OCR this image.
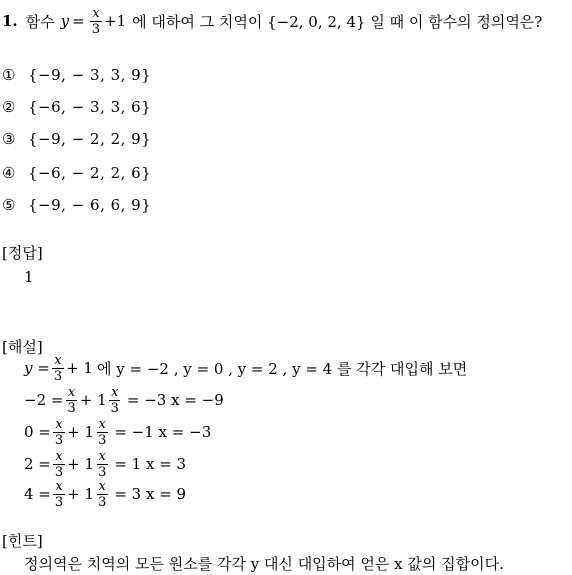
1. 함수 $y = \frac{x}{3} +1$ 에 대하여 그 치역이 {−2, 0, 2, 4} 일 때 이 함수의 정의역은?
① {−9, − 3, 3, 9}
② {−6, − 3, 3, 6}
③ {−9, − 2, 2, 9}
④ {−6, − 2, 2, 6}
⑤ {−9, − 6, 6, 9}
[정답]
1
[해설]
$y = \frac{x}{3} + 1$ 에 y = −2 , y = 0 , y = 2 , y = 4 를 각각 대입해 보면
$-2 = \frac{x}{3} + 1 \frac{x}{3} = -3$ x = −9
$0 = \frac{x}{3} + 1 \frac{x}{3} = -1$ x = −3
$2 = \frac{x}{3} + 1 \frac{x}{3} = 1$ x = 3
$4 = \frac{x}{3} + 1 \frac{x}{3} = 3$ x = 9
[힌트]
정의역은 치역의 모든 원소를 각각 y 대신 대입하여 얻은 x 값의 집합이다.
